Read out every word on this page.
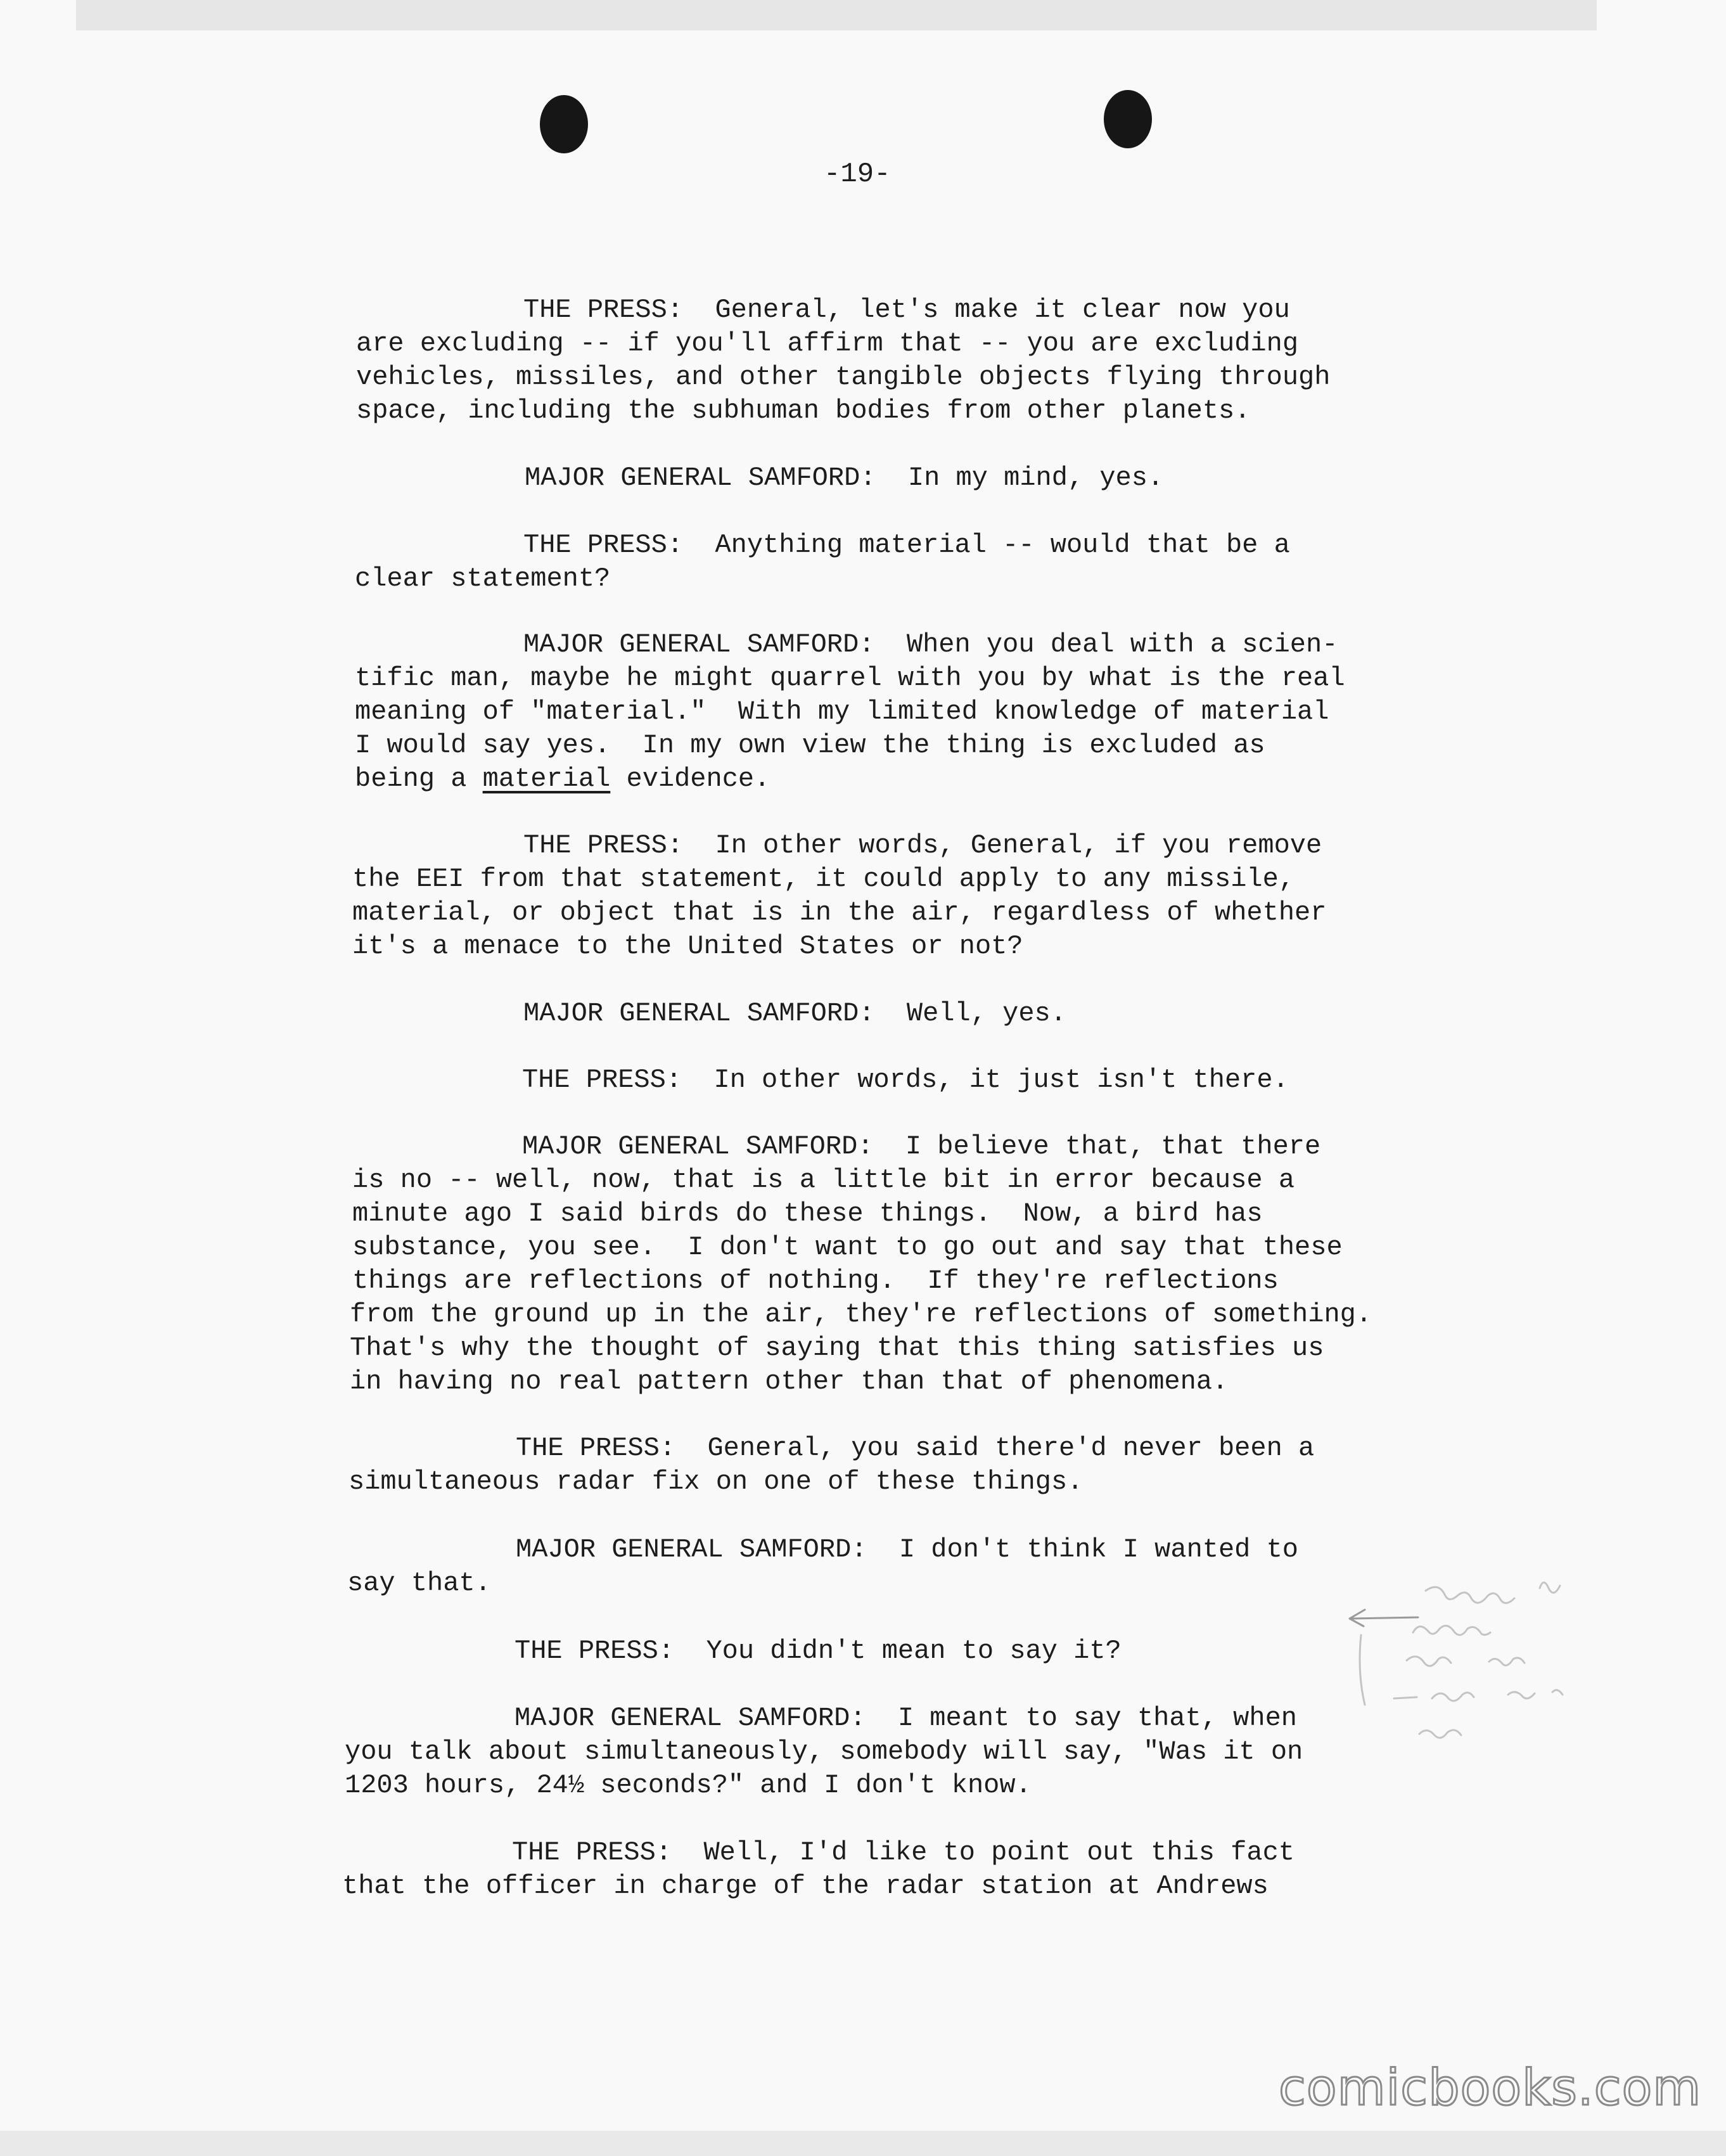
-19-
THE PRESS:  General, let's make it clear now you
are excluding -- if you'll affirm that -- you are excluding
vehicles, missiles, and other tangible objects flying through
space, including the subhuman bodies from other planets.
MAJOR GENERAL SAMFORD:  In my mind, yes.
THE PRESS:  Anything material -- would that be a
clear statement?
MAJOR GENERAL SAMFORD:  When you deal with a scien-
tific man, maybe he might quarrel with you by what is the real
meaning of "material."  With my limited knowledge of material
I would say yes.  In my own view the thing is excluded as
being a material evidence.
THE PRESS:  In other words, General, if you remove
the EEI from that statement, it could apply to any missile,
material, or object that is in the air, regardless of whether
it's a menace to the United States or not?
MAJOR GENERAL SAMFORD:  Well, yes.
THE PRESS:  In other words, it just isn't there.
MAJOR GENERAL SAMFORD:  I believe that, that there
is no -- well, now, that is a little bit in error because a
minute ago I said birds do these things.  Now, a bird has
substance, you see.  I don't want to go out and say that these
things are reflections of nothing.  If they're reflections
from the ground up in the air, they're reflections of something.
That's why the thought of saying that this thing satisfies us
in having no real pattern other than that of phenomena.
THE PRESS:  General, you said there'd never been a
simultaneous radar fix on one of these things.
MAJOR GENERAL SAMFORD:  I don't think I wanted to
say that.
THE PRESS:  You didn't mean to say it?
MAJOR GENERAL SAMFORD:  I meant to say that, when
you talk about simultaneously, somebody will say, "Was it on
1203 hours, 24½ seconds?" and I don't know.
THE PRESS:  Well, I'd like to point out this fact
that the officer in charge of the radar station at Andrews
comicbooks.com
